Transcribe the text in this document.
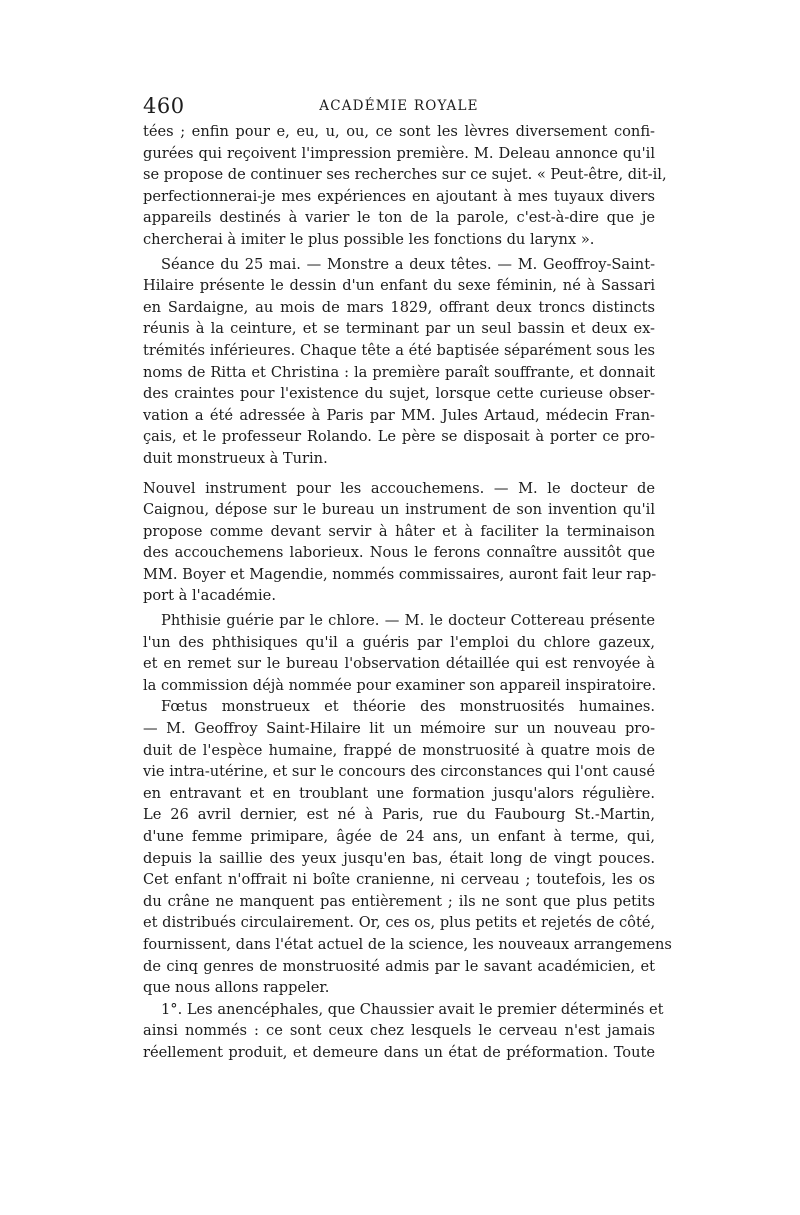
460	ACADÉMIE ROYALE
tées ; enfin pour e, eu, u, ou, ce sont les lèvres diversement confi-
gurées qui reçoivent l'impression première. M. Deleau annonce qu'il
se propose de continuer ses recherches sur ce sujet. « Peut-être, dit-il,
perfectionnerai-je mes expériences en ajoutant à mes tuyaux divers
appareils destinés à varier le ton de la parole, c'est-à-dire que je
chercherai à imiter le plus possible les fonctions du larynx ».
Séance du 25 mai. — Monstre a deux têtes. — M. Geoffroy-Saint-
Hilaire présente le dessin d'un enfant du sexe féminin, né à Sassari
en Sardaigne, au mois de mars 1829, offrant deux troncs distincts
réunis à la ceinture, et se terminant par un seul bassin et deux ex-
trémités inférieures. Chaque tête a été baptisée séparément sous les
noms de Ritta et Christina : la première paraît souffrante, et donnait
des craintes pour l'existence du sujet, lorsque cette curieuse obser-
vation a été adressée à Paris par MM. Jules Artaud, médecin Fran-
çais, et le professeur Rolando. Le père se disposait à porter ce pro-
duit monstrueux à Turin.
Nouvel instrument pour les accouchemens. — M. le docteur de
Caignou, dépose sur le bureau un instrument de son invention qu'il
propose comme devant servir à hâter et à faciliter la terminaison
des accouchemens laborieux. Nous le ferons connaître aussitôt que
MM. Boyer et Magendie, nommés commissaires, auront fait leur rap-
port à l'académie.
Phthisie guérie par le chlore. — M. le docteur Cottereau présente
l'un des phthisiques qu'il a guéris par l'emploi du chlore gazeux,
et en remet sur le bureau l'observation détaillée qui est renvoyée à
la commission déjà nommée pour examiner son appareil inspiratoire.
Fœtus monstrueux et théorie des monstruosités humaines.
— M. Geoffroy Saint-Hilaire lit un mémoire sur un nouveau pro-
duit de l'espèce humaine, frappé de monstruosité à quatre mois de
vie intra-utérine, et sur le concours des circonstances qui l'ont causé
en entravant et en troublant une formation jusqu'alors régulière.
Le 26 avril dernier, est né à Paris, rue du Faubourg St.-Martin,
d'une femme primipare, âgée de 24 ans, un enfant à terme, qui,
depuis la saillie des yeux jusqu'en bas, était long de vingt pouces.
Cet enfant n'offrait ni boîte cranienne, ni cerveau ; toutefois, les os
du crâne ne manquent pas entièrement ; ils ne sont que plus petits
et distribués circulairement. Or, ces os, plus petits et rejetés de côté,
fournissent, dans l'état actuel de la science, les nouveaux arrangemens
de cinq genres de monstruosité admis par le savant académicien, et
que nous allons rappeler.
1°. Les anencéphales, que Chaussier avait le premier déterminés et
ainsi nommés : ce sont ceux chez lesquels le cerveau n'est jamais
réellement produit, et demeure dans un état de préformation. Toute
